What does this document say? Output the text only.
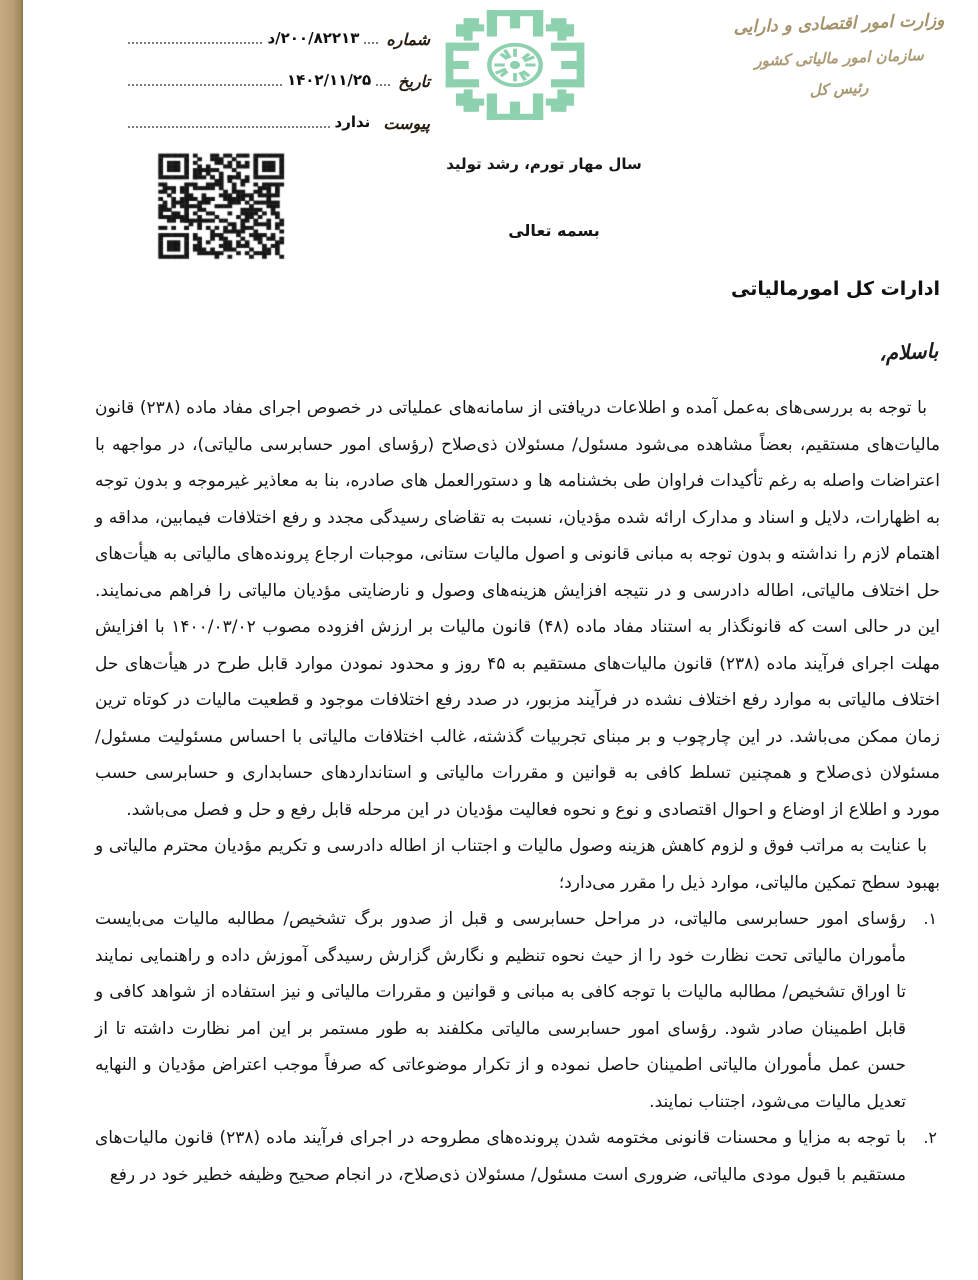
شماره
۲۰۰/۸۲۲۱۳/د
تاریخ
۱۴۰۲/۱۱/۲۵
پیوست
ندارد
وزارت امور اقتصادی و دارایی
سازمان امور مالیاتی کشور
رئیس کل
سال مهار تورم، رشد تولید
بسمه تعالی
ادارات کل امورمالیاتی
باسلام،

با توجه به بررسی‌های به‌عمل آمده و اطلاعات دریافتی از سامانه‌های عملیاتی در خصوص اجرای مفاد ماده (۲۳۸) قانون مالیات‌های مستقیم، بعضاً مشاهده می‌شود مسئول/ مسئولان ذی‌صلاح (رؤسای امور حسابرسی مالیاتی)، در مواجهه با اعتراضات واصله به رغم تأکیدات فراوان طی بخشنامه ها و دستورالعمل های صادره، بنا به معاذیر غیرموجه و بدون توجه به اظهارات، دلایل و اسناد و مدارک ارائه شده مؤدیان، نسبت به تقاضای رسیدگی مجدد و رفع اختلافات فیمابین، مداقه و اهتمام لازم را نداشته و بدون توجه به مبانی قانونی و اصول مالیات ستانی، موجبات ارجاع پرونده‌های مالیاتی به هیأت‌های حل اختلاف مالیاتی، اطاله دادرسی و در نتیجه افزایش هزینه‌های وصول و نارضایتی مؤدیان مالیاتی را فراهم می‌نمایند. این در حالی است که قانونگذار به استناد مفاد ماده (۴۸) قانون مالیات بر ارزش افزوده مصوب ۱۴۰۰/۰۳/۰۲ با افزایش مهلت اجرای فرآیند ماده (۲۳۸) قانون مالیات‌های مستقیم به ۴۵ روز و محدود نمودن موارد قابل طرح در هیأت‌های حل اختلاف مالیاتی به موارد رفع اختلاف نشده در فرآیند مزبور، در صدد رفع اختلافات موجود و قطعیت مالیات در کوتاه ترین زمان ممکن می‌باشد. در این چارچوب و بر مبنای تجربیات گذشته، غالب اختلافات مالیاتی با احساس مسئولیت مسئول/ مسئولان ذی‌صلاح و همچنین تسلط کافی به قوانین و مقررات مالیاتی و استانداردهای حسابداری و حسابرسی حسب مورد و اطلاع از اوضاع و احوال اقتصادی و نوع و نحوه فعالیت مؤدیان در این مرحله قابل رفع و حل و فصل می‌باشد.

با عنایت به مراتب فوق و لزوم کاهش هزینه وصول مالیات و اجتناب از اطاله دادرسی و تکریم مؤدیان محترم مالیاتی و بهبود سطح تمکین مالیاتی، موارد ذیل را مقرر می‌دارد؛

۱.
رؤسای امور حسابرسی مالیاتی، در مراحل حسابرسی و قبل از صدور برگ تشخیص/ مطالبه مالیات می‌بایست مأموران مالیاتی تحت نظارت خود را از حیث نحوه تنظیم و نگارش گزارش رسیدگی آموزش داده و راهنمایی نمایند تا اوراق تشخیص/ مطالبه مالیات با توجه کافی به مبانی و قوانین و مقررات مالیاتی و نیز استفاده از شواهد کافی و قابل اطمینان صادر شود. رؤسای امور حسابرسی مالیاتی مکلفند به طور مستمر بر این امر نظارت داشته تا از حسن عمل مأموران مالیاتی اطمینان حاصل نموده و از تکرار موضوعاتی که صرفاً موجب اعتراض مؤدیان و النهایه تعدیل مالیات می‌شود، اجتناب نمایند.
۲.
با توجه به مزایا و محسنات قانونی مختومه شدن پرونده‌های مطروحه در اجرای فرآیند ماده (۲۳۸) قانون مالیات‌های مستقیم با قبول مودی مالیاتی، ضروری است مسئول/ مسئولان ذی‌صلاح، در انجام صحیح وظیفه خطیر خود در رفع
